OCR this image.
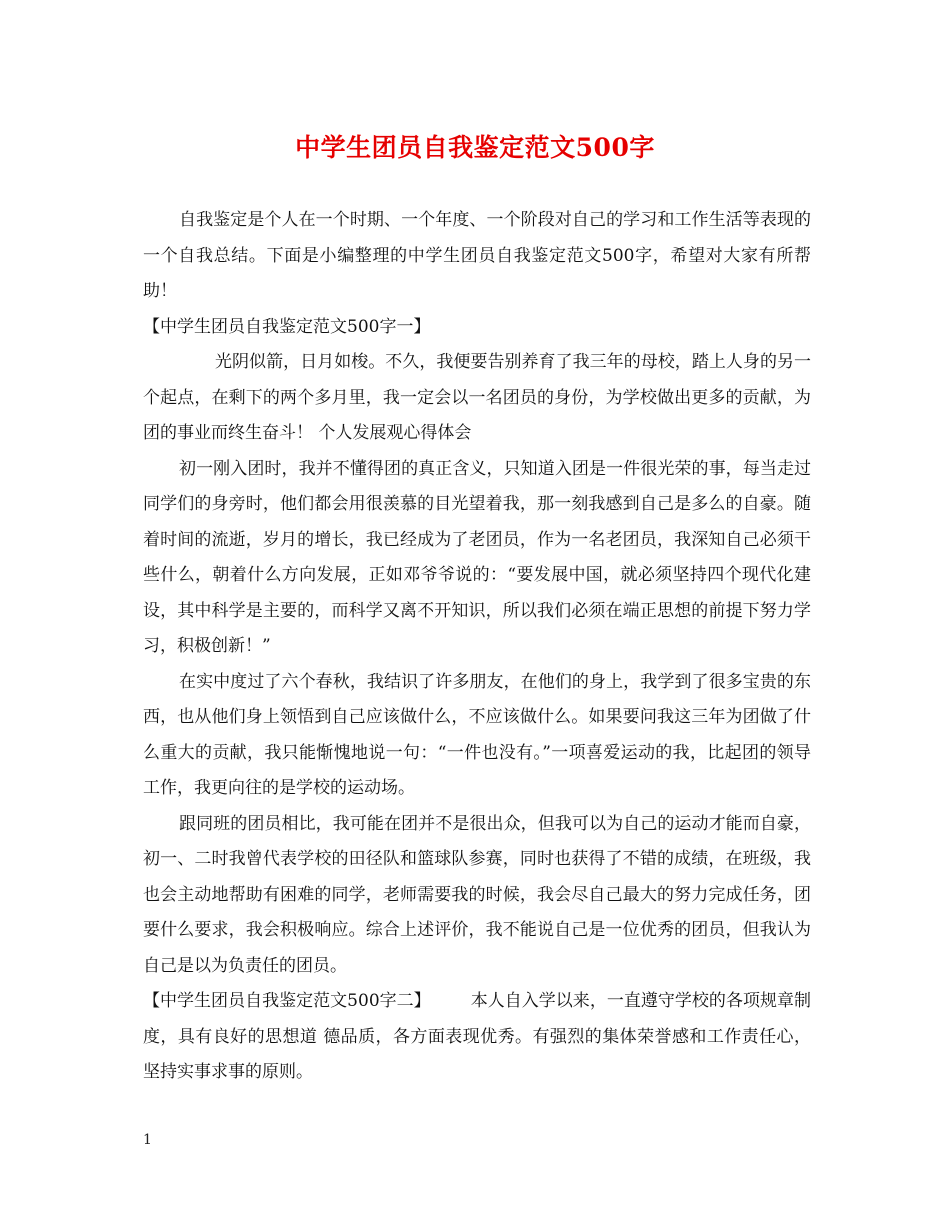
中学生团员自我鉴定范文500字

自我鉴定是个人在一个时期、一个年度、一个阶段对自己的学习和工作生活等表现的一个自我总结。下面是小编整理的中学生团员自我鉴定范文500字，希望对大家有所帮助！

【中学生团员自我鉴定范文500字一】

光阴似箭，日月如梭。不久，我便要告别养育了我三年的母校，踏上人身的另一个起点，在剩下的两个多月里，我一定会以一名团员的身份，为学校做出更多的贡献，为团的事业而终生奋斗！ 个人发展观心得体会

初一刚入团时，我并不懂得团的真正含义，只知道入团是一件很光荣的事，每当走过同学们的身旁时，他们都会用很羡慕的目光望着我，那一刻我感到自己是多么的自豪。随着时间的流逝，岁月的增长，我已经成为了老团员，作为一名老团员，我深知自己必须干些什么，朝着什么方向发展，正如邓爷爷说的：“要发展中国，就必须坚持四个现代化建设，其中科学是主要的，而科学又离不开知识，所以我们必须在端正思想的前提下努力学习，积极创新！”

在实中度过了六个春秋，我结识了许多朋友，在他们的身上，我学到了很多宝贵的东西，也从他们身上领悟到自己应该做什么，不应该做什么。如果要问我这三年为团做了什么重大的贡献，我只能惭愧地说一句：“一件也没有。”一项喜爱运动的我，比起团的领导工作，我更向往的是学校的运动场。

跟同班的团员相比，我可能在团并不是很出众，但我可以为自己的运动才能而自豪，初一、二时我曾代表学校的田径队和篮球队参赛，同时也获得了不错的成绩，在班级，我也会主动地帮助有困难的同学，老师需要我的时候，我会尽自己最大的努力完成任务，团要什么要求，我会积极响应。综合上述评价，我不能说自己是一位优秀的团员，但我认为自己是以为负责任的团员。

【中学生团员自我鉴定范文500字二】 本人自入学以来，一直遵守学校的各项规章制度，具有良好的思想道 德品质，各方面表现优秀。有强烈的集体荣誉感和工作责任心，坚持实事求事的原则。

1
